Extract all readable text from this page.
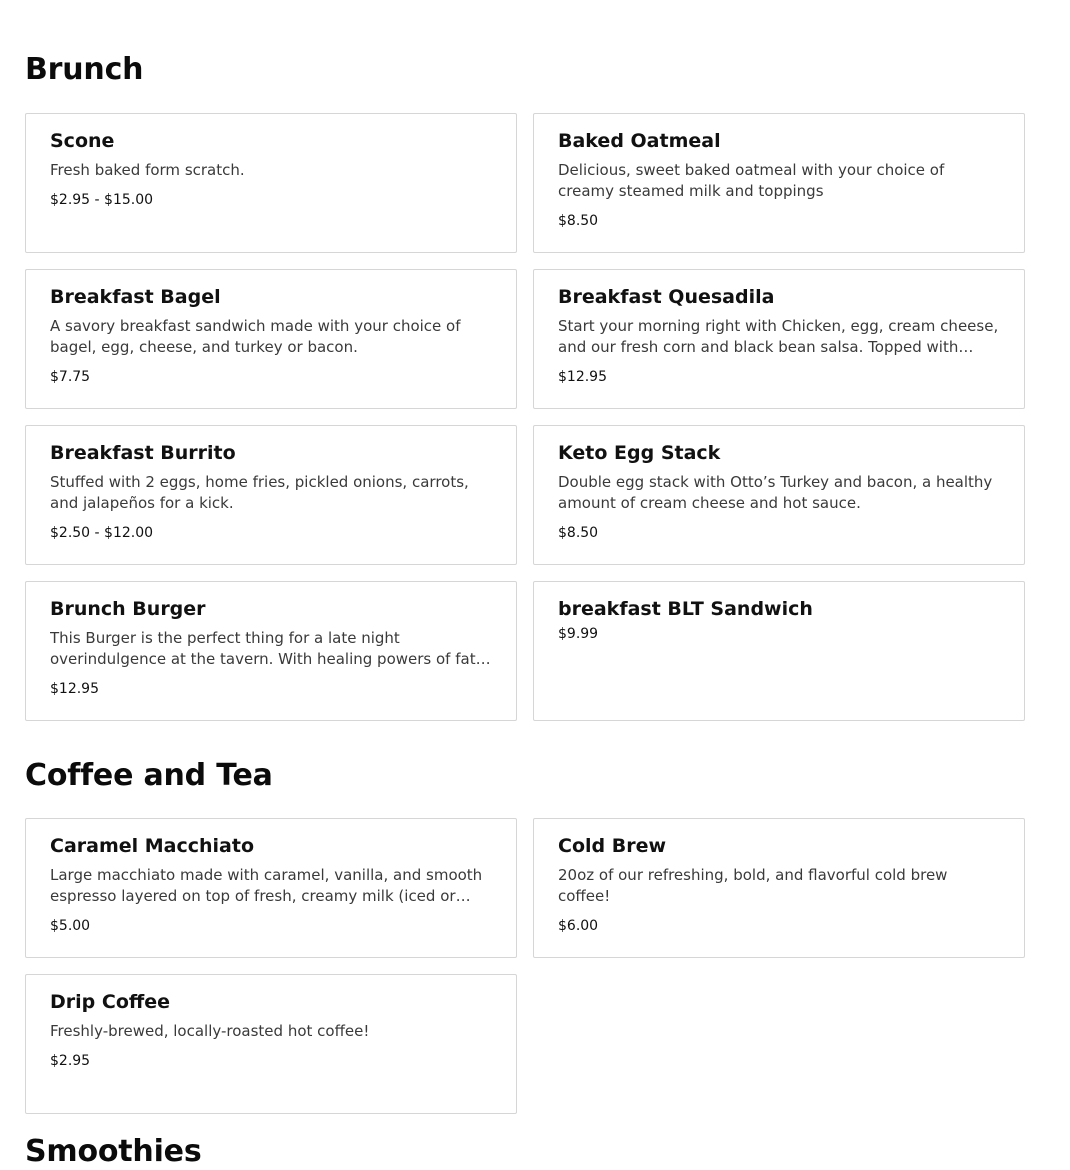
Brunch
Scone
Fresh baked form scratch.
$2.95 - $15.00
Baked Oatmeal
Delicious, sweet baked oatmeal with your choice of creamy steamed milk and toppings
$8.50
Breakfast Bagel
A savory breakfast sandwich made with your choice of bagel, egg, cheese, and turkey or bacon.
$7.75
Breakfast Quesadila
Start your morning right with Chicken, egg, cream cheese, and our fresh corn and black bean salsa. Topped with
$12.95
Breakfast Burrito
Stuffed with 2 eggs, home fries, pickled onions, carrots, and jalapeños for a kick.
$2.50 - $12.00
Keto Egg Stack
Double egg stack with Otto’s Turkey and bacon, a healthy amount of cream cheese and hot sauce.
$8.50
Brunch Burger
This Burger is the perfect thing for a late night overindulgence at the tavern. With healing powers of fat…
$12.95
breakfast BLT Sandwich
$9.99
Coffee and Tea
Caramel Macchiato
Large macchiato made with caramel, vanilla, and smooth espresso layered on top of fresh, creamy milk (iced or
$5.00
Cold Brew
20oz of our refreshing, bold, and flavorful cold brew coffee!
$6.00
Drip Coffee
Freshly-brewed, locally-roasted hot coffee!
$2.95
Smoothies
